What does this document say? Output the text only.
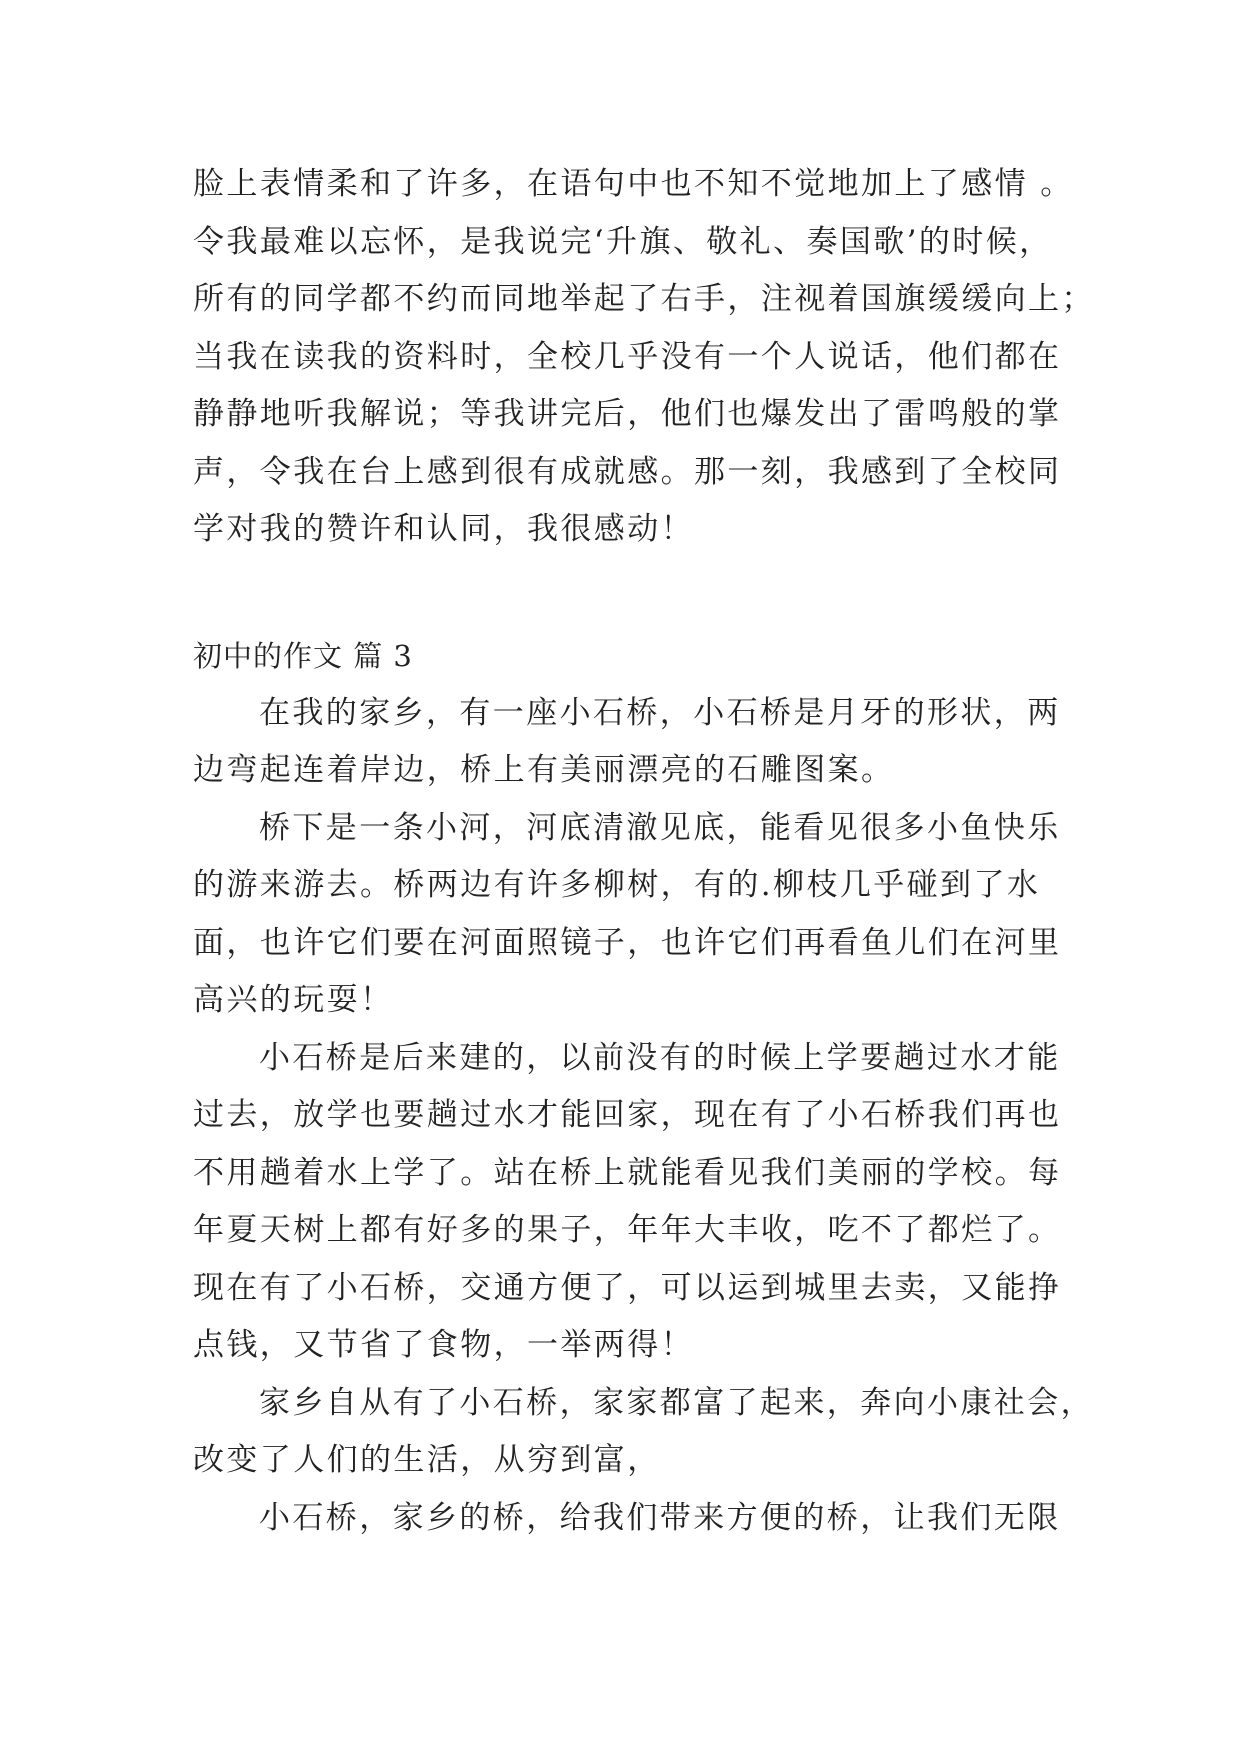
脸上表情柔和了许多，在语句中也不知不觉地加上了感情 。
令我最难以忘怀，是我说完‘升旗、敬礼、奏国歌’的时候，
所有的同学都不约而同地举起了右手，注视着国旗缓缓向上；
当我在读我的资料时，全校几乎没有一个人说话，他们都在
静静地听我解说；等我讲完后，他们也爆发出了雷鸣般的掌
声，令我在台上感到很有成就感。那一刻，我感到了全校同
学对我的赞许和认同，我很感动！
初中的作文 篇 3
在我的家乡，有一座小石桥，小石桥是月牙的形状，两
边弯起连着岸边，桥上有美丽漂亮的石雕图案。
桥下是一条小河，河底清澈见底，能看见很多小鱼快乐
的游来游去。桥两边有许多柳树，有的.柳枝几乎碰到了水
面，也许它们要在河面照镜子，也许它们再看鱼儿们在河里
高兴的玩耍！
小石桥是后来建的，以前没有的时候上学要趟过水才能
过去，放学也要趟过水才能回家，现在有了小石桥我们再也
不用趟着水上学了。站在桥上就能看见我们美丽的学校。每
年夏天树上都有好多的果子，年年大丰收，吃不了都烂了。
现在有了小石桥，交通方便了，可以运到城里去卖，又能挣
点钱，又节省了食物，一举两得！
家乡自从有了小石桥，家家都富了起来，奔向小康社会，
改变了人们的生活，从穷到富，
小石桥，家乡的桥，给我们带来方便的桥，让我们无限
